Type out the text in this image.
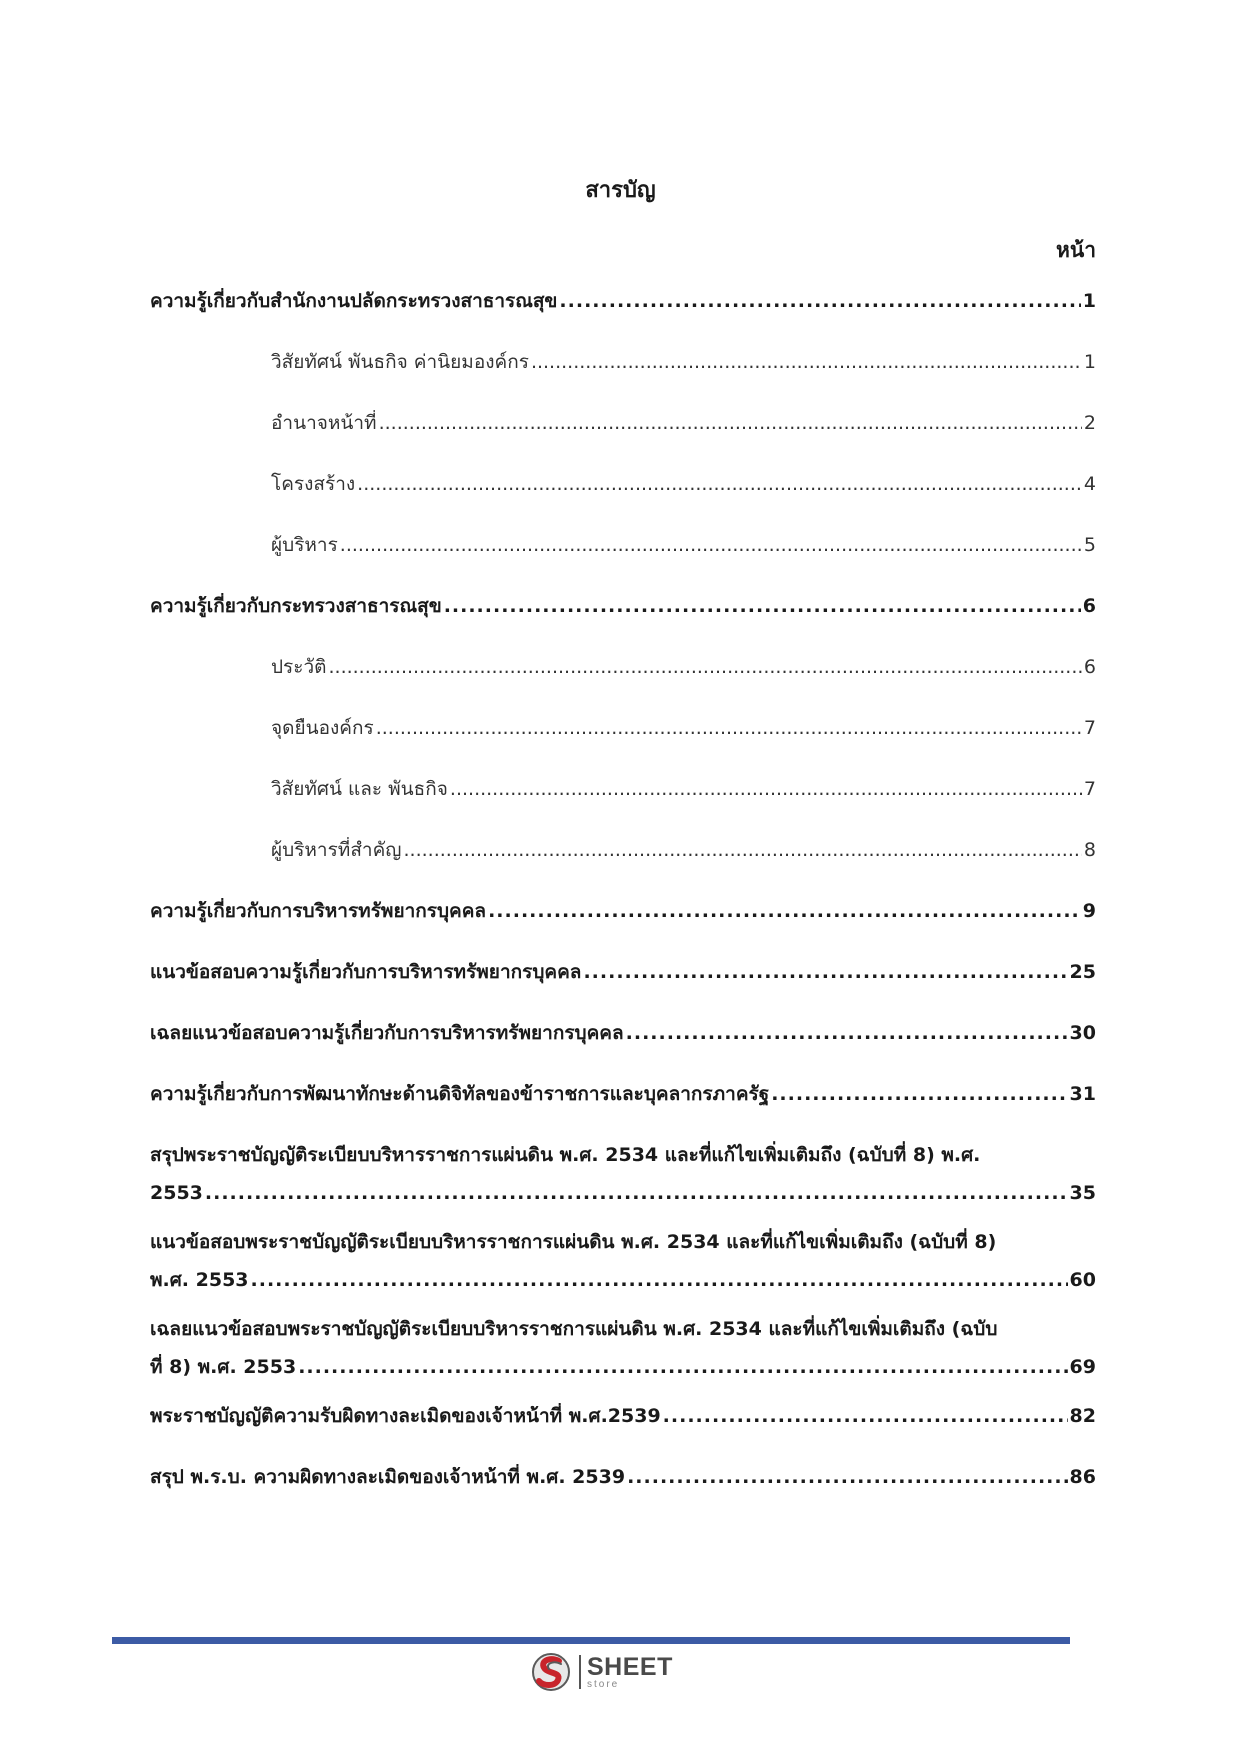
สารบัญ
หน้า
ความรู้เกี่ยวกับสำนักงานปลัดกระทรวงสาธารณสุข .....	1
วิสัยทัศน์ พันธกิจ ค่านิยมองค์กร .....	1
อำนาจหน้าที่ .....	2
โครงสร้าง .....	4
ผู้บริหาร .....	5
ความรู้เกี่ยวกับกระทรวงสาธารณสุข .....	6
ประวัติ .....	6
จุดยืนองค์กร .....	7
วิสัยทัศน์ และ พันธกิจ .....	7
ผู้บริหารที่สำคัญ .....	8
ความรู้เกี่ยวกับการบริหารทรัพยากรบุคคล .....	9
แนวข้อสอบความรู้เกี่ยวกับการบริหารทรัพยากรบุคคล .....	25
เฉลยแนวข้อสอบความรู้เกี่ยวกับการบริหารทรัพยากรบุคคล .....	30
ความรู้เกี่ยวกับการพัฒนาทักษะด้านดิจิทัลของข้าราชการและบุคลากรภาครัฐ .....	31
สรุปพระราชบัญญัติระเบียบบริหารราชการแผ่นดิน พ.ศ. 2534 และที่แก้ไขเพิ่มเติมถึง (ฉบับที่ 8) พ.ศ.
2553 .....	35
แนวข้อสอบพระราชบัญญัติระเบียบบริหารราชการแผ่นดิน พ.ศ. 2534 และที่แก้ไขเพิ่มเติมถึง (ฉบับที่ 8)
พ.ศ. 2553 .....	60
เฉลยแนวข้อสอบพระราชบัญญัติระเบียบบริหารราชการแผ่นดิน พ.ศ. 2534 และที่แก้ไขเพิ่มเติมถึง (ฉบับ
ที่ 8) พ.ศ. 2553 .....	69
พระราชบัญญัติความรับผิดทางละเมิดของเจ้าหน้าที่ พ.ศ.2539 .....	82
สรุป พ.ร.บ. ความผิดทางละเมิดของเจ้าหน้าที่ พ.ศ. 2539 .....	86
SHEET
store
